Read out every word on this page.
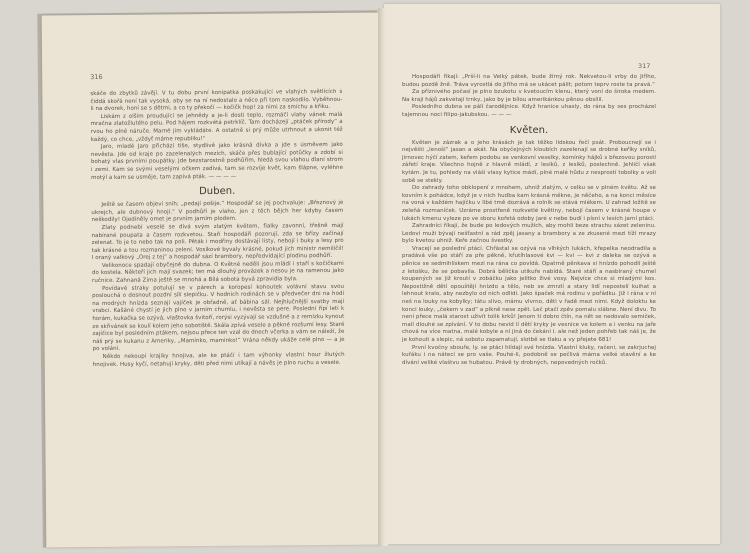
316

skáče do zbytků závějí. V tu dobu první konipatka poskakující ve vlahých světlících s čiddá skořá není tak vysoká, aby se na ní nedostalo a něco při tom naskodilo. Vyběhnou-li na dvorek, honí se s dětmi, a co ty překočí — kočičk hop! za nimi za smíchu a křiku.

Liskám z olším proudující se jehnědy a je-li dosti teplo, rozmáčí vlahy vánek malá mračna zlatožlutého pelu. Pod hájem rozkvétá petrklíč. Tam docházejí „ptáček přírody“ a rvou ho plné náruče. Marné jim vykládáte. A ostatně si prý může utrhnout a ukonit též každý, co chce, „vždyť máme republiku!“

Jaro, mladé Jaro přichází tiše, stydlivě jako krásná dívka a jde s úsměvem jako nevěsta. Jde od kraje po zazelenalých mezích, skáče přes bublající potůčky a zdobí si bohatý vlas prvními poupátky. Jde bezstarostně podhůřím, hledá svou vlahou dlaní strom i zemi. Kam se svými veselými očkem zadívá, tam se rozvíje květ, kam šlápne, vyléhne motýl a kam se usměje, tam zapívá pták. — — — —

Duben.

Ještě se časem objeví sníh; „pedají pošije.“ Hospodář se jej pochvaluje: „Březnový je ukrejch, ale dubnový hnojí.“ V podhůří je vlaho, jen z těch bějch her kdyby časem neškodily! Ojediněly omet je prvním jarním plodem.

Zlaty podnebí veselé se dívá svým zlatým květem, fialky zavonní, třešně mají nabírané poupata a časem rozkvetou. Staří hospodáři pozorují, zda se břízy začínají zelenat. To je to nebo tak na poli. Pěták i modřiny dostávají listy, nebojí i buky a lesy pro tak krásné a tou rozmaninou zelení. Vosíkové byvaly krásné, pokud jich ministr nemilíčil! I oraný valkový „Orej z tej“ a hospodář sází brambory, nepředvídající plodinu podhůří.

Velikonoce spadají obyčejně do dubna. O Květné neděli jsou mládí i staří s kočičkami do kostela. Někteří jich mají svazek; ten má dlouhý provázek a nesou je na ramenou jako ručnice. Zahnaná Zima ještě se mnohá a Bílá sobota byvá zpravidla byla.

Povídavé straky potulují se v párech a koropesí kohoutek volávní stavu svou poslouchá o dosnout pozdní sílí slepičku. V hodních rodinách se v předvečer dni na hodí na modrých hnízda seznají vajíček je obřadně, ať bábina sál. Nejhlučnější svatby mají vrabci. Kašáné chystí je jich plno v jarním chumlu, i nevěsta se pere. Poslední řípí leti k horám, kukačka se ozývá, vlaštovka švitoří, rorýsi vyzývají se vzdušné a z remízku kynout ze skřivánek se koulí kolem jeho sobotiště. Skála zpívá vesele a pěkné rozšumí lesy. Staré zajíčice byl posledním ptákem, nejsou přece ten vzal do dnech včerka a vám se náleží, že náš prý se kukanu z Ameriky, „Mamínko, maminko!“ Vrána někdy ukáže celé plno — a je po volání.

Někdo nekoupí krajíky hnojiva, ale ke ptáčí i tam výhonky vlastní hour žlutých hnojivek. Husy kyčí, netahují kryky, děti před nimi utíkají a návěs je plno ruchu a vesele.

317

Hospodáři říkají: „Prší-li na Velký pátek, bude žírný rok. Nekvetou-li vrby do Jiřího, budou pozdě žně. Tráva vyrostlá do Jiřího má se ukácet pálit; potom teprv roste ta pravá.“

Za příznivého počasí je plno bzukotu v kvetoucím klenu, který voní do široka medem. Na kraji hájů zakvétají trnky, jako by je bílou amerikánkou pěnou obsílil.

Posledního dubna se pálí čarodějnice. Když hranice uhasly, do rána by ses procházel tajemnou noci filipo-jakubskou. — — —

Květen.

Květen je zázrak a o jeho krásách je tak těžko lidskou řečí psát. Proboucnejí se i nejvěšti „lenoši“ jasan a akát. Na obyčejných kloubích zazelenají se drobné keříky sníků, jirnovec hýčí zatem, keřem podobu se venkovní veselky, komínky hájků s březovou porostí zářetí kraje. Všechno hojně z hlavně mládí, z lesíků, z lesíků, poslechně. Jehličí však kytám. Je tu, pohledy na vláší vlasy kytice mádí, plné malé hůdu z nesprostí tobolky a voli sobě se stekly.

Do zahrady toho obklopení z mnohem, uhniž zlatým, v celku se v plném květu. Až se kovním k pohádce, když je v nich hudba kam krásná měkne, je něčeho, a na konci měsíce na voná v každém hajíčku v libé tmě dozrává a rolník se stává mlékem. U zahrad ložitě se zeleňá rozmaníček. Uzráme prostřeně rozkvetlé květiny, nebojí časem v krásné houpe v lukách kmenu vyleze po ve sboru kořetá odoby jaré v nebe budí i písní v lesích jarní ptáci.

Zahradníci říkají, že bude po ledových mužích, aby mohli beze strachu sázet zeleninu. Ledoví muži bývají nešťastní a rád zpěj jasany a brambory a ze zkusené mezi tíží mrazy bylo kvetou uhniž. Keře začnou švestky.

Vracejí se poslední ptáci. Chřástal se ozývá na vlhkých lukách, křepelka neodradila a pradává vše po stáří za pře pěkně, křutíhlasové kvi — kvi — kvi z daleka se ozývá a pěnice se sedmihlískem mezi na rána co povídá. Opatrně pěnkava si hnízdo pohodlí ještě z letošku, že se pobavila. Dobrá bělička utikuře nabídá. Staré stáří a nasbíraný chumel koupených se již kroutí v zobáčku jako jelítko živé vosy. Nejvíce chce si mladými kos. Nepostižně dětí opouštějí hnízdo a tělo, neb se zmrzlí a stary lidí nepostelí kuihat a lehnout kralo, aby nezbylo od nich odlidi. Jako špaček má rodinu v pořádku. Již i rána v ní neš na louky na kobylky; tátu slívo, mámu vlvrno, děti v řadě mezi nimi. Když doloktu ke konci louky, „čekem v zad“ a plkně nese zpět. Leč ptačí zpěv pomalu slábne. Není divu. To není přece malá starost uživít tolik krků! Jenom ti dobro čtín, na nět se nedovalo semiček, malí dlouhé se zpívání. V to dobu nevid lí dětí kryky je vesnice ve kolem a i venku na jaře chová na více matna, malé kobyle a ní jiná do čekání i. ale než jeden pohřeb tak náš je, že je kohouti a slepic, ná sobotu zapamatují, slotbě se tlaku a vy přejete 681!

První kvočny sbouře, ly. se ptáci hlídají své hnízda. Vlastní kluky, račeni, se zakrjuchej kuřáku i na nátecí se pro vaše. Pouhé-li, podobně se pečlivá máma velké stavění a ke dívání veliké vlaštvu se hubatou. Právě ty drobných, nepovedných ročků.
